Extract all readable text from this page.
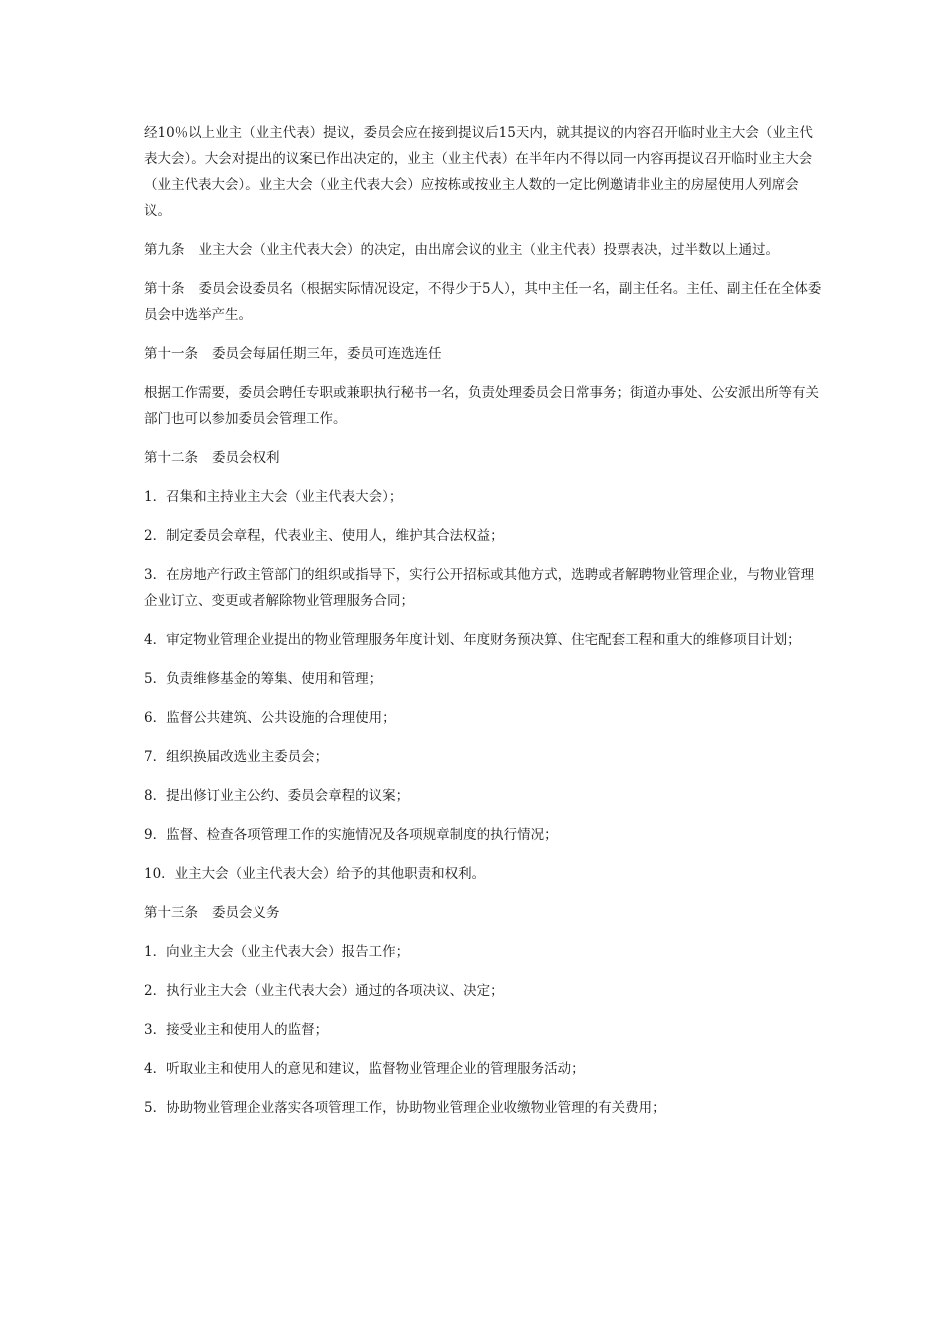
经10％以上业主（业主代表）提议，委员会应在接到提议后15天内，就其提议的内容召开临时业主大会（业主代表大会）。大会对提出的议案已作出决定的，业主（业主代表）在半年内不得以同一内容再提议召开临时业主大会（业主代表大会）。业主大会（业主代表大会）应按栋或按业主人数的一定比例邀请非业主的房屋使用人列席会议。

第九条 业主大会（业主代表大会）的决定，由出席会议的业主（业主代表）投票表决，过半数以上通过。

第十条 委员会设委员名（根据实际情况设定，不得少于5人），其中主任一名，副主任名。主任、副主任在全体委员会中选举产生。

第十一条 委员会每届任期三年，委员可连选连任

根据工作需要，委员会聘任专职或兼职执行秘书一名，负责处理委员会日常事务；街道办事处、公安派出所等有关部门也可以参加委员会管理工作。

第十二条 委员会权利

1．召集和主持业主大会（业主代表大会）；

2．制定委员会章程，代表业主、使用人，维护其合法权益；

3．在房地产行政主管部门的组织或指导下，实行公开招标或其他方式，选聘或者解聘物业管理企业，与物业管理企业订立、变更或者解除物业管理服务合同；

4．审定物业管理企业提出的物业管理服务年度计划、年度财务预决算、住宅配套工程和重大的维修项目计划；

5．负责维修基金的筹集、使用和管理；

6．监督公共建筑、公共设施的合理使用；

7．组织换届改选业主委员会；

8．提出修订业主公约、委员会章程的议案；

9．监督、检查各项管理工作的实施情况及各项规章制度的执行情况；

10．业主大会（业主代表大会）给予的其他职责和权利。

第十三条 委员会义务

1．向业主大会（业主代表大会）报告工作；

2．执行业主大会（业主代表大会）通过的各项决议、决定；

3．接受业主和使用人的监督；

4．听取业主和使用人的意见和建议，监督物业管理企业的管理服务活动；

5．协助物业管理企业落实各项管理工作，协助物业管理企业收缴物业管理的有关费用；
